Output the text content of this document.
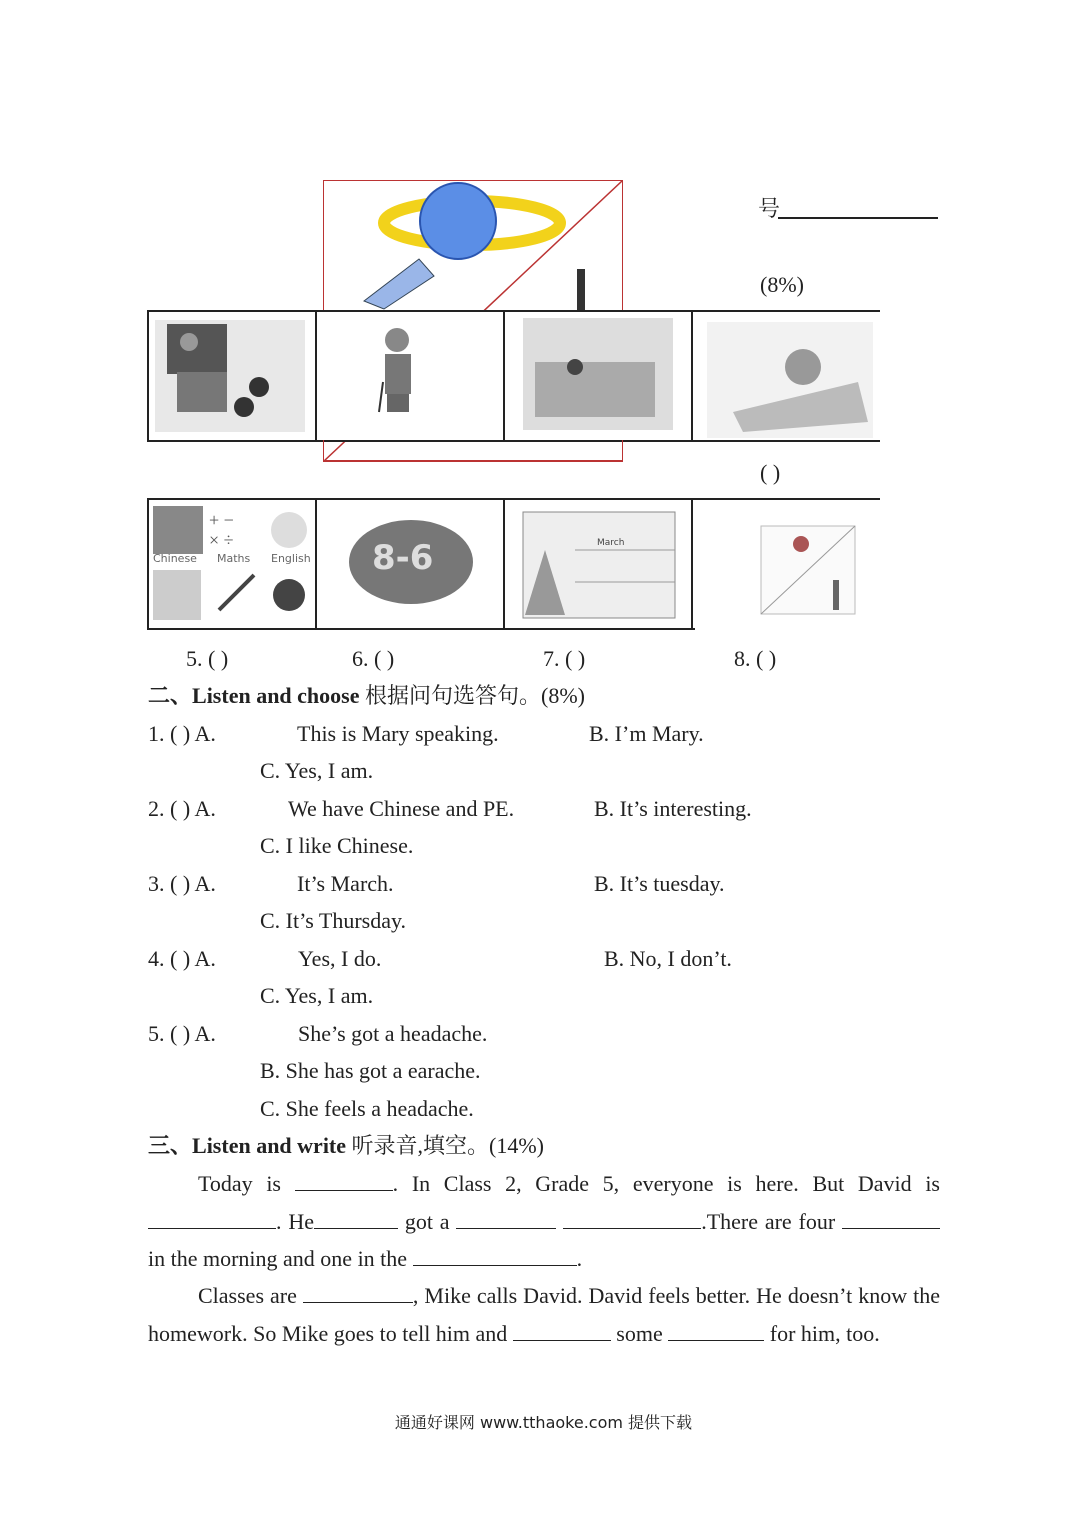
号
(8%)
( )
+ −
× ÷
Chinese Maths English 8-6	March
5. ( )	6. ( )	7. ( )	8. ( )
二、Listen and choose 根据问句选答句。(8%)
1. ( ) A.	This is Mary speaking.	B. I’m Mary.
C. Yes, I am.
2. ( ) A.	We have Chinese and PE.	B. It’s interesting.
C. I like Chinese.
3. ( ) A.	It’s March.	B. It’s tuesday.
C. It’s Thursday.
4. ( ) A.	Yes, I do.	B. No, I don’t.
C. Yes, I am.
5. ( ) A.	She’s got a headache.
B. She has got a earache.
C. She feels a headache.
三、Listen and write 听录音,填空。(14%)
Today is	. In Class 2, Grade 5, everyone is here. But David is. He	got a	.There are four  in the morning and one in the	.
Classes are	, Mike calls David. David feels better. He doesn’t know the homework. So Mike goes to tell him and	some	for him, too.
通通好课网 www.tthaoke.com 提供下载
